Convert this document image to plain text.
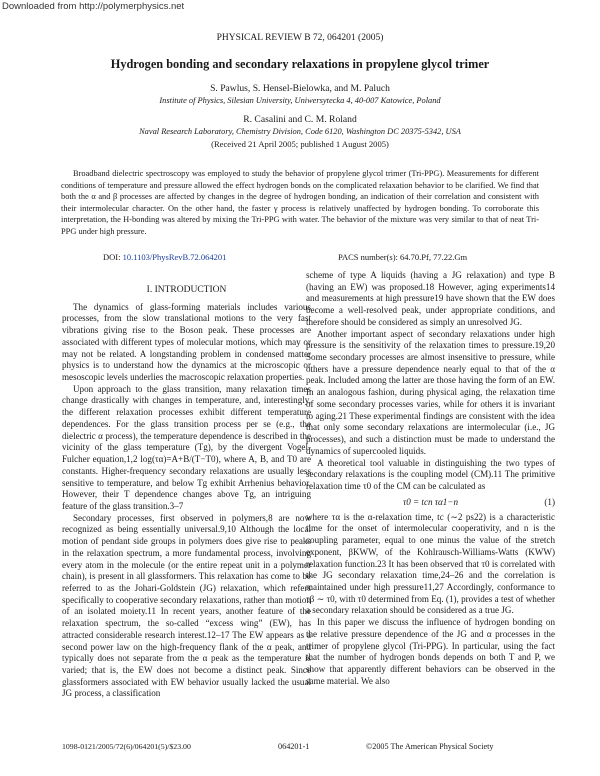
Downloaded from http://polymerphysics.net
PHYSICAL REVIEW B 72, 064201 (2005)
Hydrogen bonding and secondary relaxations in propylene glycol trimer
S. Pawlus, S. Hensel-Bielowka, and M. Paluch
Institute of Physics, Silesian University, Uniwersytecka 4, 40-007 Katowice, Poland
R. Casalini and C. M. Roland
Naval Research Laboratory, Chemistry Division, Code 6120, Washington DC 20375-5342, USA
(Received 21 April 2005; published 1 August 2005)

Broadband dielectric spectroscopy was employed to study the behavior of propylene glycol trimer (Tri-PPG). Measurements for different conditions of temperature and pressure allowed the effect hydrogen bonds on the complicated relaxation behavior to be clarified. We find that both the α and β processes are affected by changes in the degree of hydrogen bonding, an indication of their correlation and consistent with their intermolecular character. On the other hand, the faster γ process is relatively unaffected by hydrogen bonding. To corroborate this interpretation, the H-bonding was altered by mixing the Tri-PPG with water. The behavior of the mixture was very similar to that of neat Tri-PPG under high pressure.

DOI: 10.1103/PhysRevB.72.064201	PACS number(s): 64.70.Pf, 77.22.Gm
I. INTRODUCTION

The dynamics of glass-forming materials includes various processes, from the slow translational motions to the very fast vibrations giving rise to the Boson peak. These processes are associated with different types of molecular motions, which may or may not be related. A longstanding problem in condensed matter physics is to understand how the dynamics at the microscopic or mesoscopic levels underlies the macroscopic relaxation properties.

Upon approach to the glass transition, many relaxation times change drastically with changes in temperature, and, interestingly, the different relaxation processes exhibit different temperature dependences. For the glass transition process per se (e.g., the dielectric α process), the temperature dependence is described in the vicinity of the glass temperature (Tg), by the divergent Vogel-Fulcher equation,1,2 log(τα)=A+B/(T−T0), where A, B, and T0 are constants. Higher-frequency secondary relaxations are usually less sensitive to temperature, and below Tg exhibit Arrhenius behavior. However, their T dependence changes above Tg, an intriguing feature of the glass transition.3–7

Secondary processes, first observed in polymers,8 are now recognized as being essentially universal.9,10 Although the local motion of pendant side groups in polymers does give rise to peaks in the relaxation spectrum, a more fundamental process, involving every atom in the molecule (or the entire repeat unit in a polymer chain), is present in all glassformers. This relaxation has come to be referred to as the Johari-Goldstein (JG) relaxation, which refers specifically to cooperative secondary relaxations, rather than motion of an isolated moiety.11 In recent years, another feature of the relaxation spectrum, the so-called “excess wing” (EW), has attracted considerable research interest.12–17 The EW appears as a second power law on the high-frequency flank of the α peak, and typically does not separate from the α peak as the temperature is varied; that is, the EW does not become a distinct peak. Since glassformers associated with EW behavior usually lacked the usual JG process, a classification

scheme of type A liquids (having a JG relaxation) and type B (having an EW) was proposed.18 However, aging experiments14 and measurements at high pressure19 have shown that the EW does become a well-resolved peak, under appropriate conditions, and therefore should be considered as simply an unresolved JG.

Another important aspect of secondary relaxations under high pressure is the sensitivity of the relaxation times to pressure.19,20 Some secondary processes are almost insensitive to pressure, while others have a pressure dependence nearly equal to that of the α peak. Included among the latter are those having the form of an EW. In an analogous fashion, during physical aging, the relaxation time of some secondary processes varies, while for others it is invariant to aging.21 These experimental findings are consistent with the idea that only some secondary relaxations are intermolecular (i.e., JG processes), and such a distinction must be made to understand the dynamics of supercooled liquids.

A theoretical tool valuable in distinguishing the two types of secondary relaxations is the coupling model (CM).11 The primitive relaxation time τ0 of the CM can be calculated as

τ0 = tcn τα1−n	(1)

where τα is the α-relaxation time, tc (∼2 ps22) is a characteristic time for the onset of intermolecular cooperativity, and n is the coupling parameter, equal to one minus the value of the stretch exponent, βKWW, of the Kohlrausch-Williams-Watts (KWW) relaxation function.23 It has been observed that τ0 is correlated with the JG secondary relaxation time,24–26 and the correlation is maintained under high pressure11,27 Accordingly, conformance to τβ ∼ τ0, with τ0 determined from Eq. (1), provides a test of whether a secondary relaxation should be considered as a true JG.

In this paper we discuss the influence of hydrogen bonding on the relative pressure dependence of the JG and α processes in the trimer of propylene glycol (Tri-PPG). In particular, using the fact that the number of hydrogen bonds depends on both T and P, we show that apparently different behaviors can be observed in the same material. We also

1098-0121/2005/72(6)/064201(5)/$23.00	064201-1	©2005 The American Physical Society
